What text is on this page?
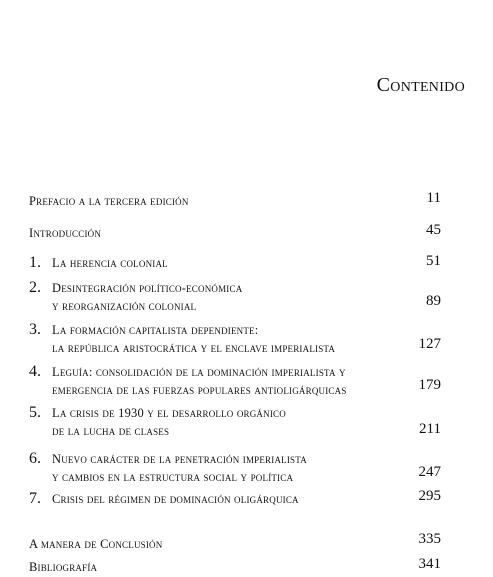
Contenido
Prefacio a la tercera edición	11
Introducción	45
1. La herencia colonial	51
2. Desintegración político-económica
y reorganización colonial	89
3. La formación capitalista dependiente:
la república aristocrática y el enclave imperialista	127
4. Leguía: consolidación de la dominación imperialista y
emergencia de las fuerzas populares antioligárquicas	179
5. La crisis de 1930 y el desarrollo orgánico
de la lucha de clases	211
6. Nuevo carácter de la penetración imperialista
y cambios en la estructura social y política	247
7. Crisis del régimen de dominación oligárquica	295
A manera de Conclusión	335
Bibliografía	341
